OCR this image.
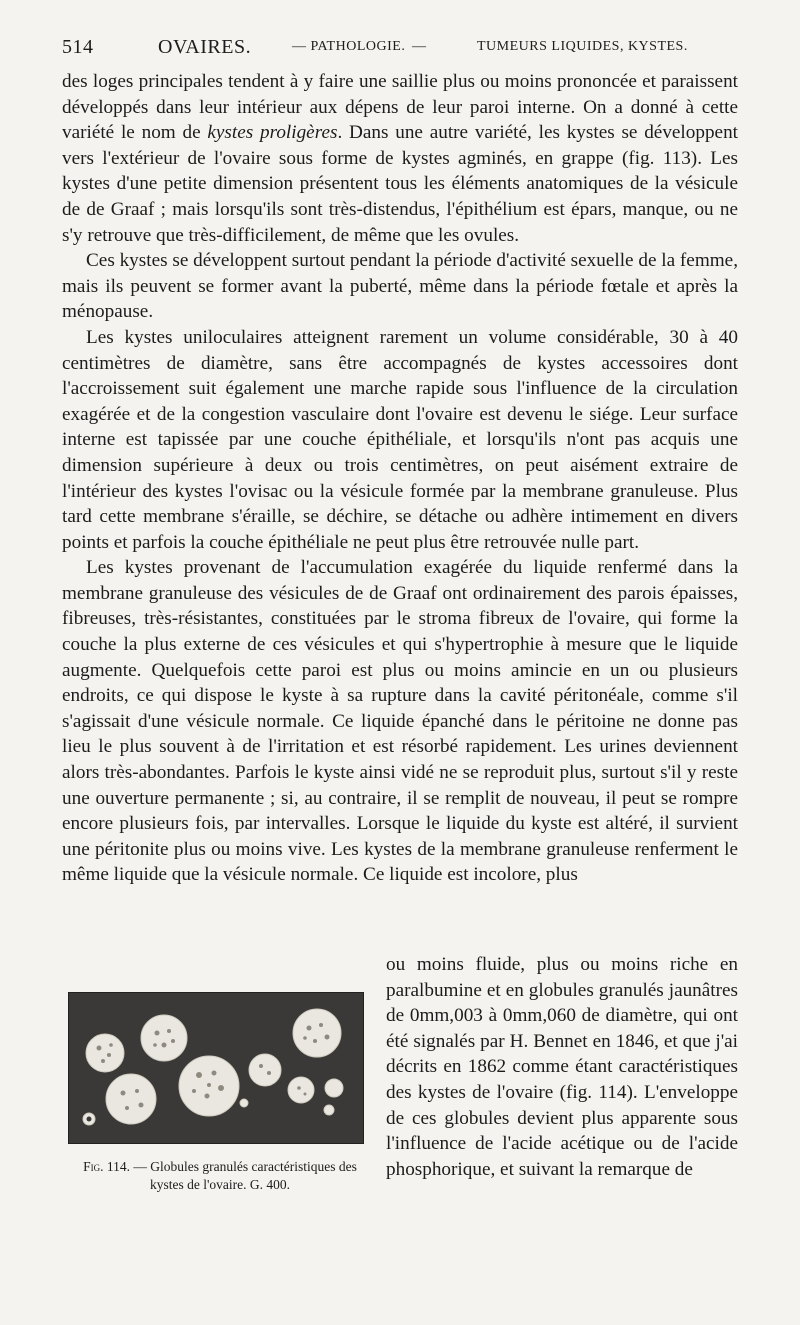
514	OVAIRES.	— PATHOLOGIE. —	TUMEURS LIQUIDES, KYSTES.

des loges principales tendent à y faire une saillie plus ou moins prononcée et paraissent développés dans leur intérieur aux dépens de leur paroi interne. On a donné à cette variété le nom de kystes proligères. Dans une autre variété, les kystes se développent vers l'extérieur de l'ovaire sous forme de kystes agminés, en grappe (fig. 113). Les kystes d'une petite dimension présentent tous les éléments anatomiques de la vésicule de de Graaf ; mais lorsqu'ils sont très-distendus, l'épithélium est épars, manque, ou ne s'y retrouve que très-difficilement, de même que les ovules.

Ces kystes se développent surtout pendant la période d'activité sexuelle de la femme, mais ils peuvent se former avant la puberté, même dans la période fœtale et après la ménopause.

Les kystes uniloculaires atteignent rarement un volume considérable, 30 à 40 centimètres de diamètre, sans être accompagnés de kystes accessoires dont l'accroissement suit également une marche rapide sous l'influence de la circulation exagérée et de la congestion vasculaire dont l'ovaire est devenu le siége. Leur surface interne est tapissée par une couche épithéliale, et lorsqu'ils n'ont pas acquis une dimension supérieure à deux ou trois centimètres, on peut aisément extraire de l'intérieur des kystes l'ovisac ou la vésicule formée par la membrane granuleuse. Plus tard cette membrane s'éraille, se déchire, se détache ou adhère intimement en divers points et parfois la couche épithéliale ne peut plus être retrouvée nulle part.

Les kystes provenant de l'accumulation exagérée du liquide renfermé dans la membrane granuleuse des vésicules de de Graaf ont ordinairement des parois épaisses, fibreuses, très-résistantes, constituées par le stroma fibreux de l'ovaire, qui forme la couche la plus externe de ces vésicules et qui s'hypertrophie à mesure que le liquide augmente. Quelquefois cette paroi est plus ou moins amincie en un ou plusieurs endroits, ce qui dispose le kyste à sa rupture dans la cavité péritonéale, comme s'il s'agissait d'une vésicule normale. Ce liquide épanché dans le péritoine ne donne pas lieu le plus souvent à de l'irritation et est résorbé rapidement. Les urines deviennent alors très-abondantes. Parfois le kyste ainsi vidé ne se reproduit plus, surtout s'il y reste une ouverture permanente ; si, au contraire, il se remplit de nouveau, il peut se rompre encore plusieurs fois, par intervalles. Lorsque le liquide du kyste est altéré, il survient une péritonite plus ou moins vive. Les kystes de la membrane granuleuse renferment le même liquide que la vésicule normale. Ce liquide est incolore, plus

Fig. 114. — Globules granulés caractéristiques des kystes de l'ovaire. G. 400.
ou moins fluide, plus ou moins riche en paralbumine et en globules granulés jaunâtres de 0mm,003 à 0mm,060 de diamètre, qui ont été signalés par H. Bennet en 1846, et que j'ai décrits en 1862 comme étant caractéristiques des kystes de l'ovaire (fig. 114). L'enveloppe de ces globules devient plus apparente sous l'influence de l'acide acétique ou de l'acide phosphorique, et suivant la remarque de
